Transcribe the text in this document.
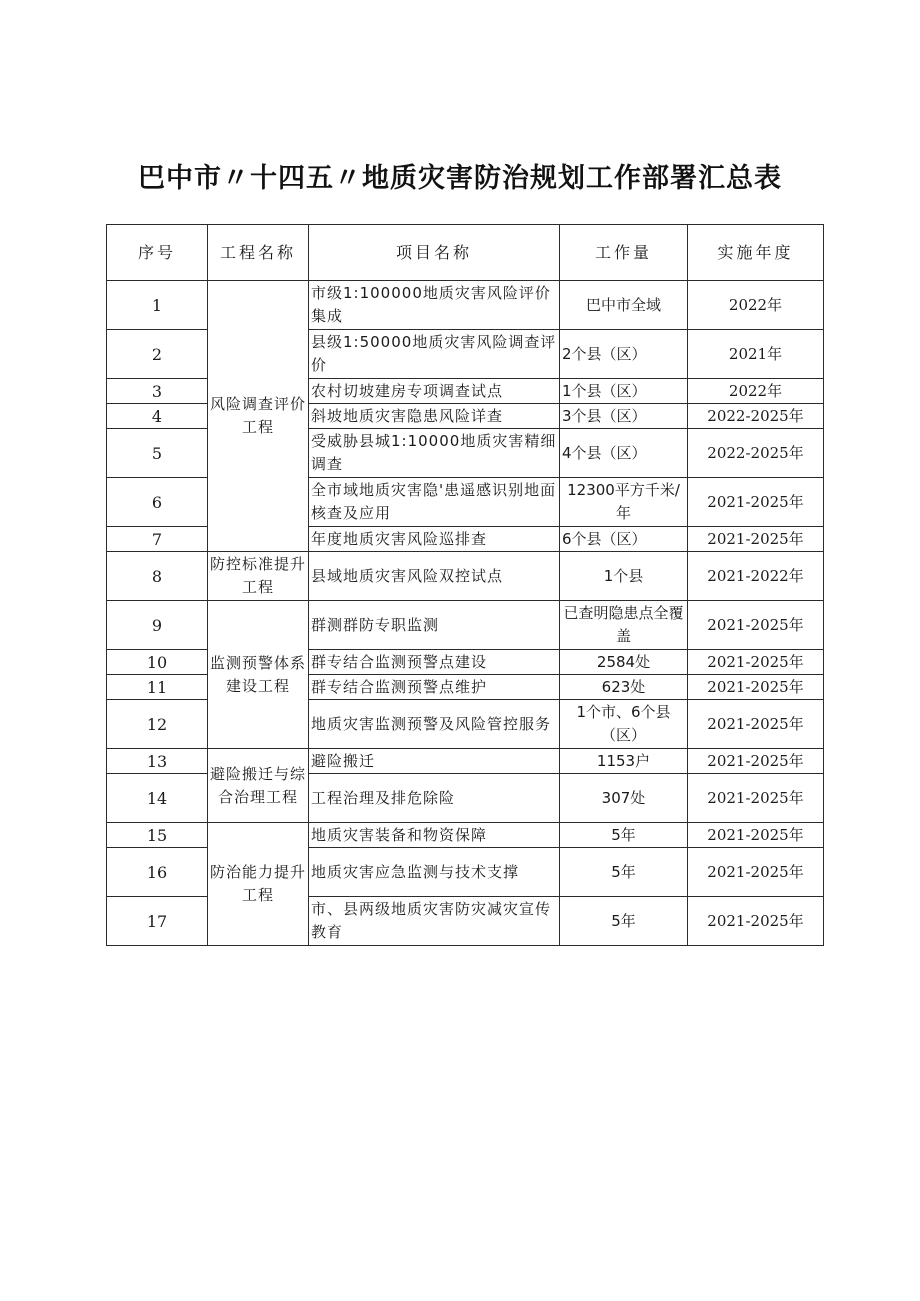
巴中市〃十四五〃地质灾害防治规划工作部署汇总表
序号	工程名称	项目名称	工作量	实施年度
1	风险调查评价工程	市级1:100000地质灾害风险评价集成	巴中市全域	2022年
2		县级1:50000地质灾害风险调查评价	2个县（区）	2021年
3		农村切坡建房专项调查试点	1个县（区）	2022年
4		斜坡地质灾害隐患风险详查	3个县（区）	2022-2025年
5		受威胁县城1:10000地质灾害精细调查	4个县（区）	2022-2025年
6		全市域地质灾害隐'患遥感识别地面核查及应用	12300平方千米/年	2021-2025年
7		年度地质灾害风险巡排查	6个县（区）	2021-2025年
8	防控标准提升工程	县域地质灾害风险双控试点	1个县	2021-2022年
9	监测预警体系建设工程	群测群防专职监测	已查明隐患点全覆盖	2021-2025年
10		群专结合监测预警点建设	2584处	2021-2025年
11		群专结合监测预警点维护	623处	2021-2025年
12		地质灾害监测预警及风险管控服务	1个市、6个县（区）	2021-2025年
13	避险搬迁与综合治理工程	避险搬迁	1153户	2021-2025年
14		工程治理及排危除险	307处	2021-2025年
15	防治能力提升工程	地质灾害装备和物资保障	5年	2021-2025年
16		地质灾害应急监测与技术支撑	5年	2021-2025年
17		市、县两级地质灾害防灾减灾宣传教育	5年	2021-2025年
